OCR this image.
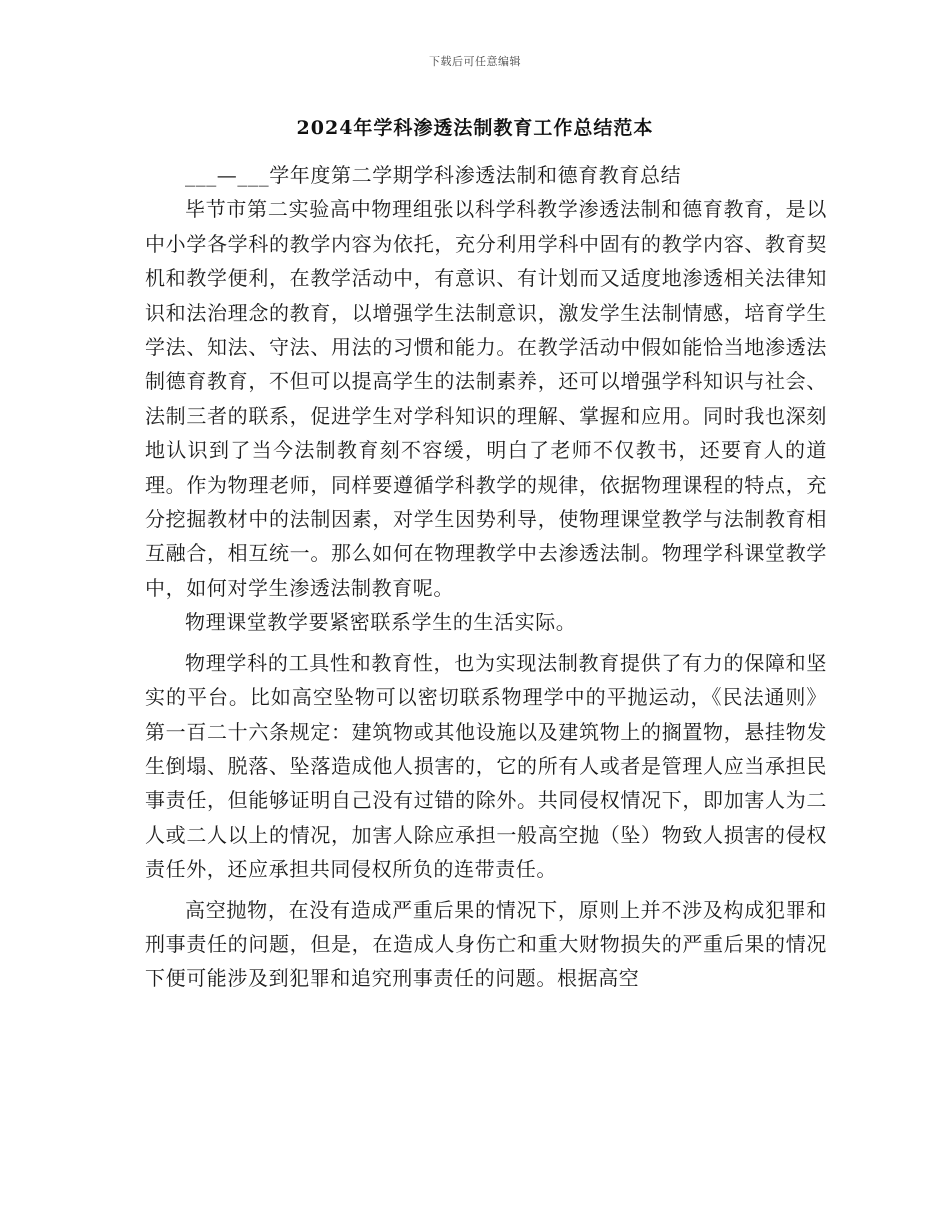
下载后可任意编辑
2024年学科渗透法制教育工作总结范本

___—___学年度第二学期学科渗透法制和德育教育总结

毕节市第二实验高中物理组张以科学科教学渗透法制和德育教育，是以中小学各学科的教学内容为依托，充分利用学科中固有的教学内容、教育契机和教学便利，在教学活动中，有意识、有计划而又适度地渗透相关法律知识和法治理念的教育，以增强学生法制意识，激发学生法制情感，培育学生学法、知法、守法、用法的习惯和能力。在教学活动中假如能恰当地渗透法制德育教育，不但可以提高学生的法制素养，还可以增强学科知识与社会、法制三者的联系，促进学生对学科知识的理解、掌握和应用。同时我也深刻地认识到了当今法制教育刻不容缓，明白了老师不仅教书，还要育人的道理。作为物理老师，同样要遵循学科教学的规律，依据物理课程的特点，充分挖掘教材中的法制因素，对学生因势利导，使物理课堂教学与法制教育相互融合，相互统一。那么如何在物理教学中去渗透法制。物理学科课堂教学中，如何对学生渗透法制教育呢。

物理课堂教学要紧密联系学生的生活实际。

物理学科的工具性和教育性，也为实现法制教育提供了有力的保障和坚实的平台。比如高空坠物可以密切联系物理学中的平抛运动，《民法通则》第一百二十六条规定：建筑物或其他设施以及建筑物上的搁置物，悬挂物发生倒塌、脱落、坠落造成他人损害的，它的所有人或者是管理人应当承担民事责任，但能够证明自己没有过错的除外。共同侵权情况下，即加害人为二人或二人以上的情况，加害人除应承担一般高空抛（坠）物致人损害的侵权责任外，还应承担共同侵权所负的连带责任。

高空抛物，在没有造成严重后果的情况下，原则上并不涉及构成犯罪和刑事责任的问题，但是，在造成人身伤亡和重大财物损失的严重后果的情况下便可能涉及到犯罪和追究刑事责任的问题。根据高空
